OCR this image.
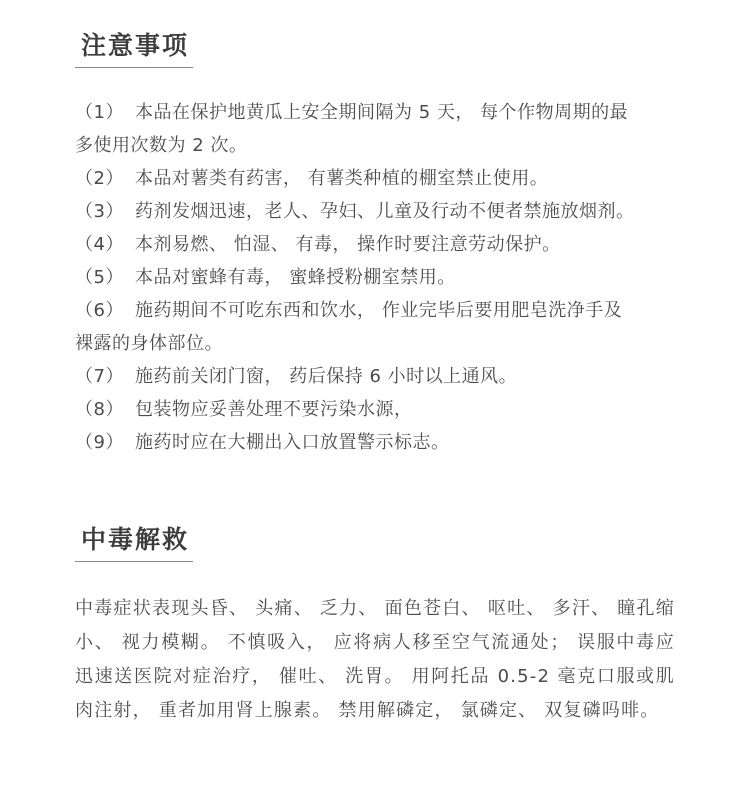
注意事项
（1） 本品在保护地黄瓜上安全期间隔为 5 天， 每个作物周期的最
多使用次数为 2 次。
（2） 本品对薯类有药害， 有薯类种植的棚室禁止使用。
（3） 药剂发烟迅速，老人、孕妇、儿童及行动不便者禁施放烟剂。
（4） 本剂易燃、 怕湿、 有毒， 操作时要注意劳动保护。
（5） 本品对蜜蜂有毒， 蜜蜂授粉棚室禁用。
（6） 施药期间不可吃东西和饮水， 作业完毕后要用肥皂洗净手及
裸露的身体部位。
（7） 施药前关闭门窗， 药后保持 6 小时以上通风。
（8） 包装物应妥善处理不要污染水源，
（9） 施药时应在大棚出入口放置警示标志。
中毒解救

中毒症状表现头昏、 头痛、 乏力、 面色苍白、 呕吐、 多汗、 瞳孔缩小、 视力模糊。 不慎吸入， 应将病人移至空气流通处； 误服中毒应迅速送医院对症治疗， 催吐、 洗胃。 用阿托品 0.5-2 毫克口服或肌肉注射， 重者加用肾上腺素。 禁用解磷定， 氯磷定、 双复磷吗啡。
